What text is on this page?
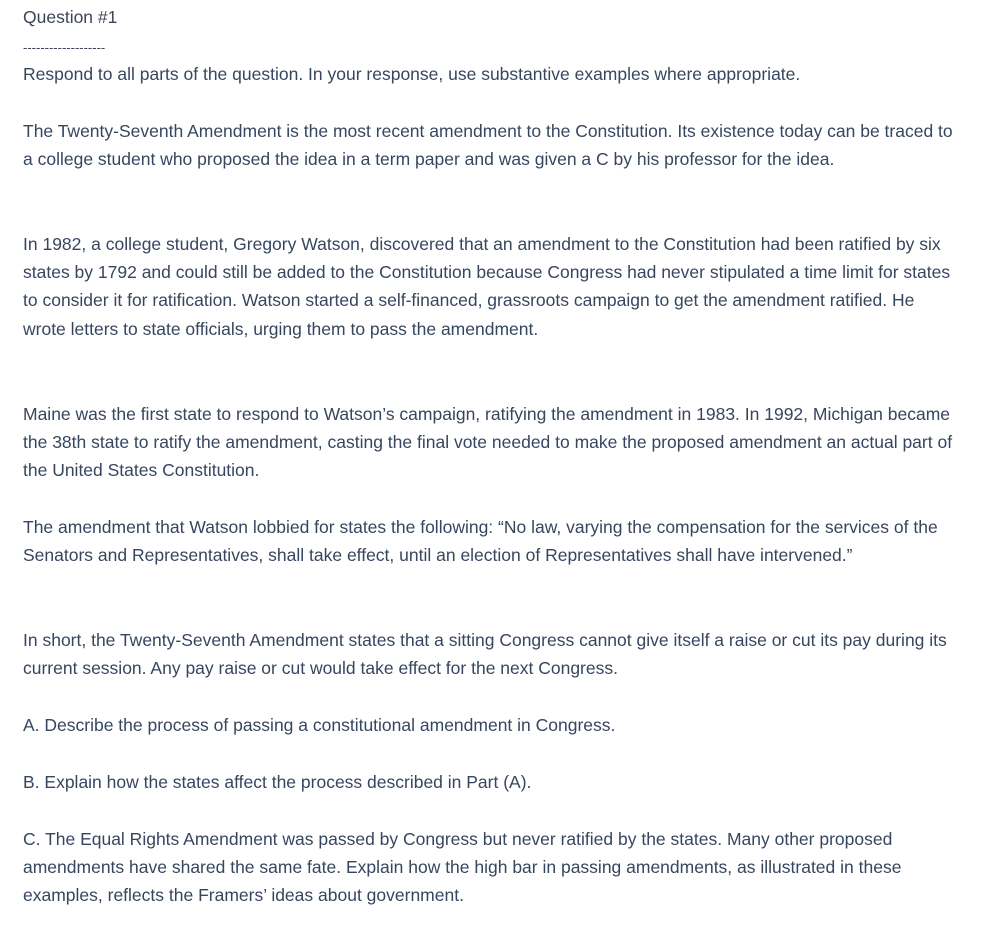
Question #1
-------------------

Respond to all parts of the question. In your response, use substantive examples where appropriate.

The Twenty-Seventh Amendment is the most recent amendment to the Constitution. Its existence today can be traced to a college student who proposed the idea in a term paper and was given a C by his professor for the idea.

In 1982, a college student, Gregory Watson, discovered that an amendment to the Constitution had been ratified by six states by 1792 and could still be added to the Constitution because Congress had never stipulated a time limit for states to consider it for ratification. Watson started a self-financed, grassroots campaign to get the amendment ratified. He wrote letters to state officials, urging them to pass the amendment.

Maine was the first state to respond to Watson’s campaign, ratifying the amendment in 1983. In 1992, Michigan became the 38th state to ratify the amendment, casting the final vote needed to make the proposed amendment an actual part of the United States Constitution.

The amendment that Watson lobbied for states the following: “No law, varying the compensation for the services of the Senators and Representatives, shall take effect, until an election of Representatives shall have intervened.”

In short, the Twenty-Seventh Amendment states that a sitting Congress cannot give itself a raise or cut its pay during its current session. Any pay raise or cut would take effect for the next Congress.

A. Describe the process of passing a constitutional amendment in Congress.

B. Explain how the states affect the process described in Part (A).

C. The Equal Rights Amendment was passed by Congress but never ratified by the states. Many other proposed amendments have shared the same fate. Explain how the high bar in passing amendments, as illustrated in these examples, reflects the Framers’ ideas about government.
